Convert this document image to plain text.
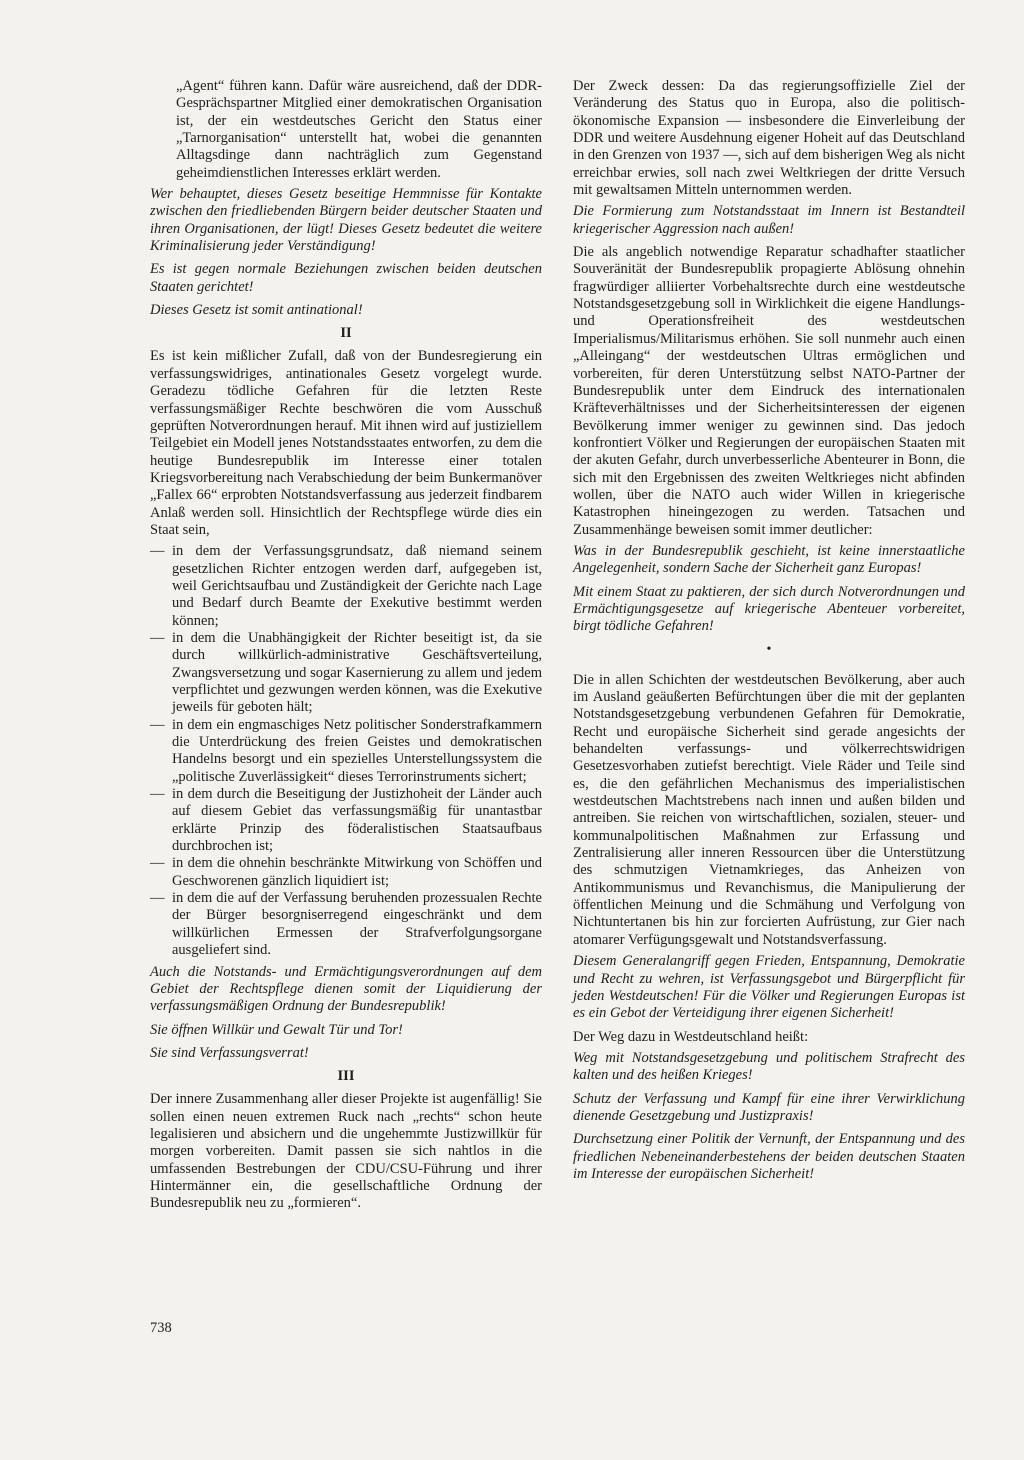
„Agent“ führen kann. Dafür wäre ausreichend, daß der DDR-Gesprächspartner Mitglied einer demokratischen Organisation ist, der ein westdeutsches Gericht den Status einer „Tarnorganisation“ unterstellt hat, wobei die genannten Alltagsdinge dann nachträglich zum Gegenstand geheimdienstlichen Interesses erklärt werden.

Wer behauptet, dieses Gesetz beseitige Hemmnisse für Kontakte zwischen den friedliebenden Bürgern beider deutscher Staaten und ihren Organisationen, der lügt! Dieses Gesetz bedeutet die weitere Kriminalisierung jeder Verständigung!

Es ist gegen normale Beziehungen zwischen beiden deutschen Staaten gerichtet!

Dieses Gesetz ist somit antinational!

II

Es ist kein mißlicher Zufall, daß von der Bundesregierung ein verfassungswidriges, antinationales Gesetz vorgelegt wurde. Geradezu tödliche Gefahren für die letzten Reste verfassungsmäßiger Rechte beschwören die vom Ausschuß geprüften Notverordnungen herauf. Mit ihnen wird auf justiziellem Teilgebiet ein Modell jenes Notstandsstaates entworfen, zu dem die heutige Bundesrepublik im Interesse einer totalen Kriegsvorbereitung nach Verabschiedung der beim Bunkermanöver „Fallex 66“ erprobten Notstandsverfassung aus jederzeit findbarem Anlaß werden soll. Hinsichtlich der Rechtspflege würde dies ein Staat sein,

— in dem der Verfassungsgrundsatz, daß niemand seinem gesetzlichen Richter entzogen werden darf, aufgegeben ist, weil Gerichtsaufbau und Zuständigkeit der Gerichte nach Lage und Bedarf durch Beamte der Exekutive bestimmt werden können;
— in dem die Unabhängigkeit der Richter beseitigt ist, da sie durch willkürlich-administrative Geschäftsverteilung, Zwangsversetzung und sogar Kasernierung zu allem und jedem verpflichtet und gezwungen werden können, was die Exekutive jeweils für geboten hält;
— in dem ein engmaschiges Netz politischer Sonderstrafkammern die Unterdrückung des freien Geistes und demokratischen Handelns besorgt und ein spezielles Unterstellungssystem die „politische Zuverlässigkeit“ dieses Terrorinstruments sichert;
— in dem durch die Beseitigung der Justizhoheit der Länder auch auf diesem Gebiet das verfassungsmäßig für unantastbar erklärte Prinzip des föderalistischen Staatsaufbaus durchbrochen ist;
— in dem die ohnehin beschränkte Mitwirkung von Schöffen und Geschworenen gänzlich liquidiert ist;
— in dem die auf der Verfassung beruhenden prozessualen Rechte der Bürger besorgniserregend eingeschränkt und dem willkürlichen Ermessen der Strafverfolgungsorgane ausgeliefert sind.

Auch die Notstands- und Ermächtigungsverordnungen auf dem Gebiet der Rechtspflege dienen somit der Liquidierung der verfassungsmäßigen Ordnung der Bundesrepublik!

Sie öffnen Willkür und Gewalt Tür und Tor!

Sie sind Verfassungsverrat!

III

Der innere Zusammenhang aller dieser Projekte ist augenfällig! Sie sollen einen neuen extremen Ruck nach „rechts“ schon heute legalisieren und absichern und die ungehemmte Justizwillkür für morgen vorbereiten. Damit passen sie sich nahtlos in die umfassenden Bestrebungen der CDU/CSU-Führung und ihrer Hintermänner ein, die gesellschaftliche Ordnung der Bundesrepublik neu zu „formieren“.

Der Zweck dessen: Da das regierungsoffizielle Ziel der Veränderung des Status quo in Europa, also die politisch-ökonomische Expansion — insbesondere die Einverleibung der DDR und weitere Ausdehnung eigener Hoheit auf das Deutschland in den Grenzen von 1937 —, sich auf dem bisherigen Weg als nicht erreichbar erwies, soll nach zwei Weltkriegen der dritte Versuch mit gewaltsamen Mitteln unternommen werden.

Die Formierung zum Notstandsstaat im Innern ist Bestandteil kriegerischer Aggression nach außen!

Die als angeblich notwendige Reparatur schadhafter staatlicher Souveränität der Bundesrepublik propagierte Ablösung ohnehin fragwürdiger alliierter Vorbehaltsrechte durch eine westdeutsche Notstandsgesetzgebung soll in Wirklichkeit die eigene Handlungs- und Operationsfreiheit des westdeutschen Imperialismus/Militarismus erhöhen. Sie soll nunmehr auch einen „Alleingang“ der westdeutschen Ultras ermöglichen und vorbereiten, für deren Unterstützung selbst NATO-Partner der Bundesrepublik unter dem Eindruck des internationalen Kräfteverhältnisses und der Sicherheitsinteressen der eigenen Bevölkerung immer weniger zu gewinnen sind. Das jedoch konfrontiert Völker und Regierungen der europäischen Staaten mit der akuten Gefahr, durch unverbesserliche Abenteurer in Bonn, die sich mit den Ergebnissen des zweiten Weltkrieges nicht abfinden wollen, über die NATO auch wider Willen in kriegerische Katastrophen hineingezogen zu werden. Tatsachen und Zusammenhänge beweisen somit immer deutlicher:

Was in der Bundesrepublik geschieht, ist keine innerstaatliche Angelegenheit, sondern Sache der Sicherheit ganz Europas!

Mit einem Staat zu paktieren, der sich durch Notverordnungen und Ermächtigungsgesetze auf kriegerische Abenteuer vorbereitet, birgt tödliche Gefahren!

•

Die in allen Schichten der westdeutschen Bevölkerung, aber auch im Ausland geäußerten Befürchtungen über die mit der geplanten Notstandsgesetzgebung verbundenen Gefahren für Demokratie, Recht und europäische Sicherheit sind gerade angesichts der behandelten verfassungs- und völkerrechtswidrigen Gesetzesvorhaben zutiefst berechtigt. Viele Räder und Teile sind es, die den gefährlichen Mechanismus des imperialistischen westdeutschen Machtstrebens nach innen und außen bilden und antreiben. Sie reichen von wirtschaftlichen, sozialen, steuer- und kommunalpolitischen Maßnahmen zur Erfassung und Zentralisierung aller inneren Ressourcen über die Unterstützung des schmutzigen Vietnamkrieges, das Anheizen von Antikommunismus und Revanchismus, die Manipulierung der öffentlichen Meinung und die Schmähung und Verfolgung von Nichtuntertanen bis hin zur forcierten Aufrüstung, zur Gier nach atomarer Verfügungsgewalt und Notstandsverfassung.

Diesem Generalangriff gegen Frieden, Entspannung, Demokratie und Recht zu wehren, ist Verfassungsgebot und Bürgerpflicht für jeden Westdeutschen! Für die Völker und Regierungen Europas ist es ein Gebot der Verteidigung ihrer eigenen Sicherheit!

Der Weg dazu in Westdeutschland heißt:

Weg mit Notstandsgesetzgebung und politischem Strafrecht des kalten und des heißen Krieges!

Schutz der Verfassung und Kampf für eine ihrer Verwirklichung dienende Gesetzgebung und Justizpraxis!

Durchsetzung einer Politik der Vernunft, der Entspannung und des friedlichen Nebeneinanderbestehens der beiden deutschen Staaten im Interesse der europäischen Sicherheit!

738
